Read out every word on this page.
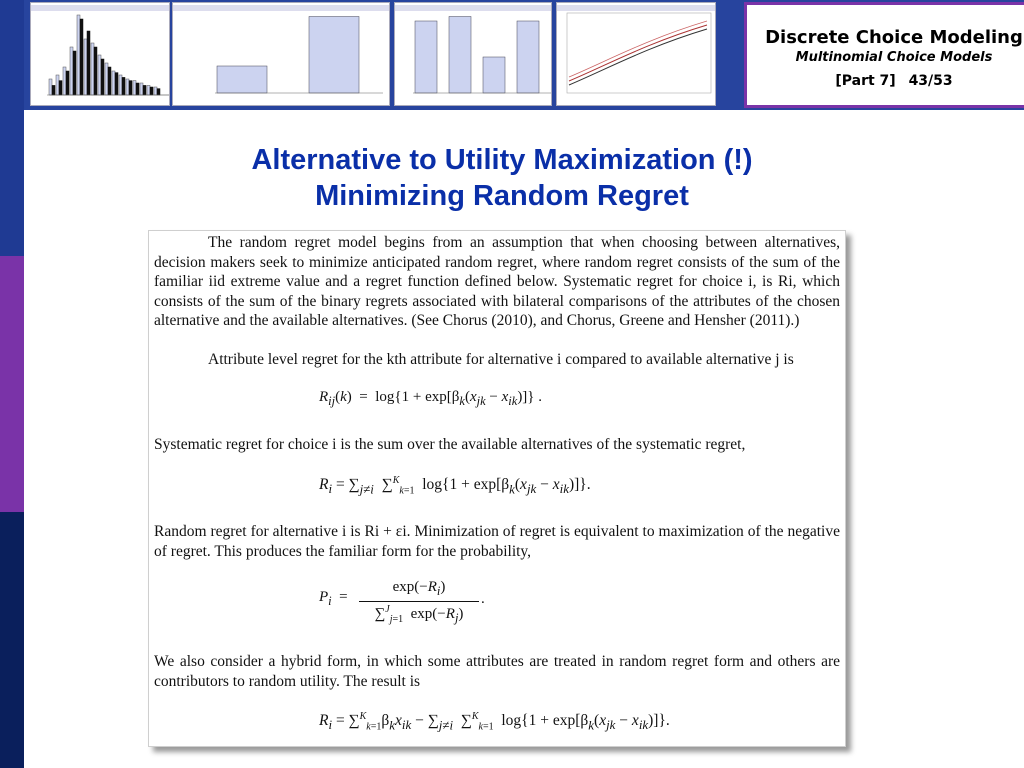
Discrete Choice Modeling
Multinomial Choice Models
[Part 7] 43/53
Alternative to Utility Maximization (!)
Minimizing Random Regret

The random regret model begins from an assumption that when choosing between alternatives, decision makers seek to minimize anticipated random regret, where random regret consists of the sum of the familiar iid extreme value and a regret function defined below. Systematic regret for choice i, is Ri, which consists of the sum of the binary regrets associated with bilateral comparisons of the attributes of the chosen alternative and the available alternatives. (See Chorus (2010), and Chorus, Greene and Hensher (2011).)

Attribute level regret for the kth attribute for alternative i compared to available alternative j is

$R_{ij}(k) = \log\{1 + \exp[\beta_k(x_{jk} - x_{ik})]\}$ .

Systematic regret for choice i is the sum over the available alternatives of the systematic regret,

$R_i = \sum_{j\ne i}$  ∑$^K_{k=1}$  $\log\{1 + \exp[\beta_k(x_{jk} - x_{ik})]\}$.

Random regret for alternative i is Ri + εi. Minimization of regret is equivalent to maximization of the negative of regret. This produces the familiar form for the probability,

$P_i$  =
$\exp(-R_i)$
∑$^J_{j=1}$  $\exp(-R_j)$
.

We also consider a hybrid form, in which some attributes are treated in random regret form and others are contributors to random utility. The result is

$R_i = \sum^K_{k=1}\beta_kx_{ik} - \sum_{j\ne i}$  ∑$^K_{k=1}$  $\log\{1 + \exp[\beta_k(x_{jk} - x_{ik})]\}$.
